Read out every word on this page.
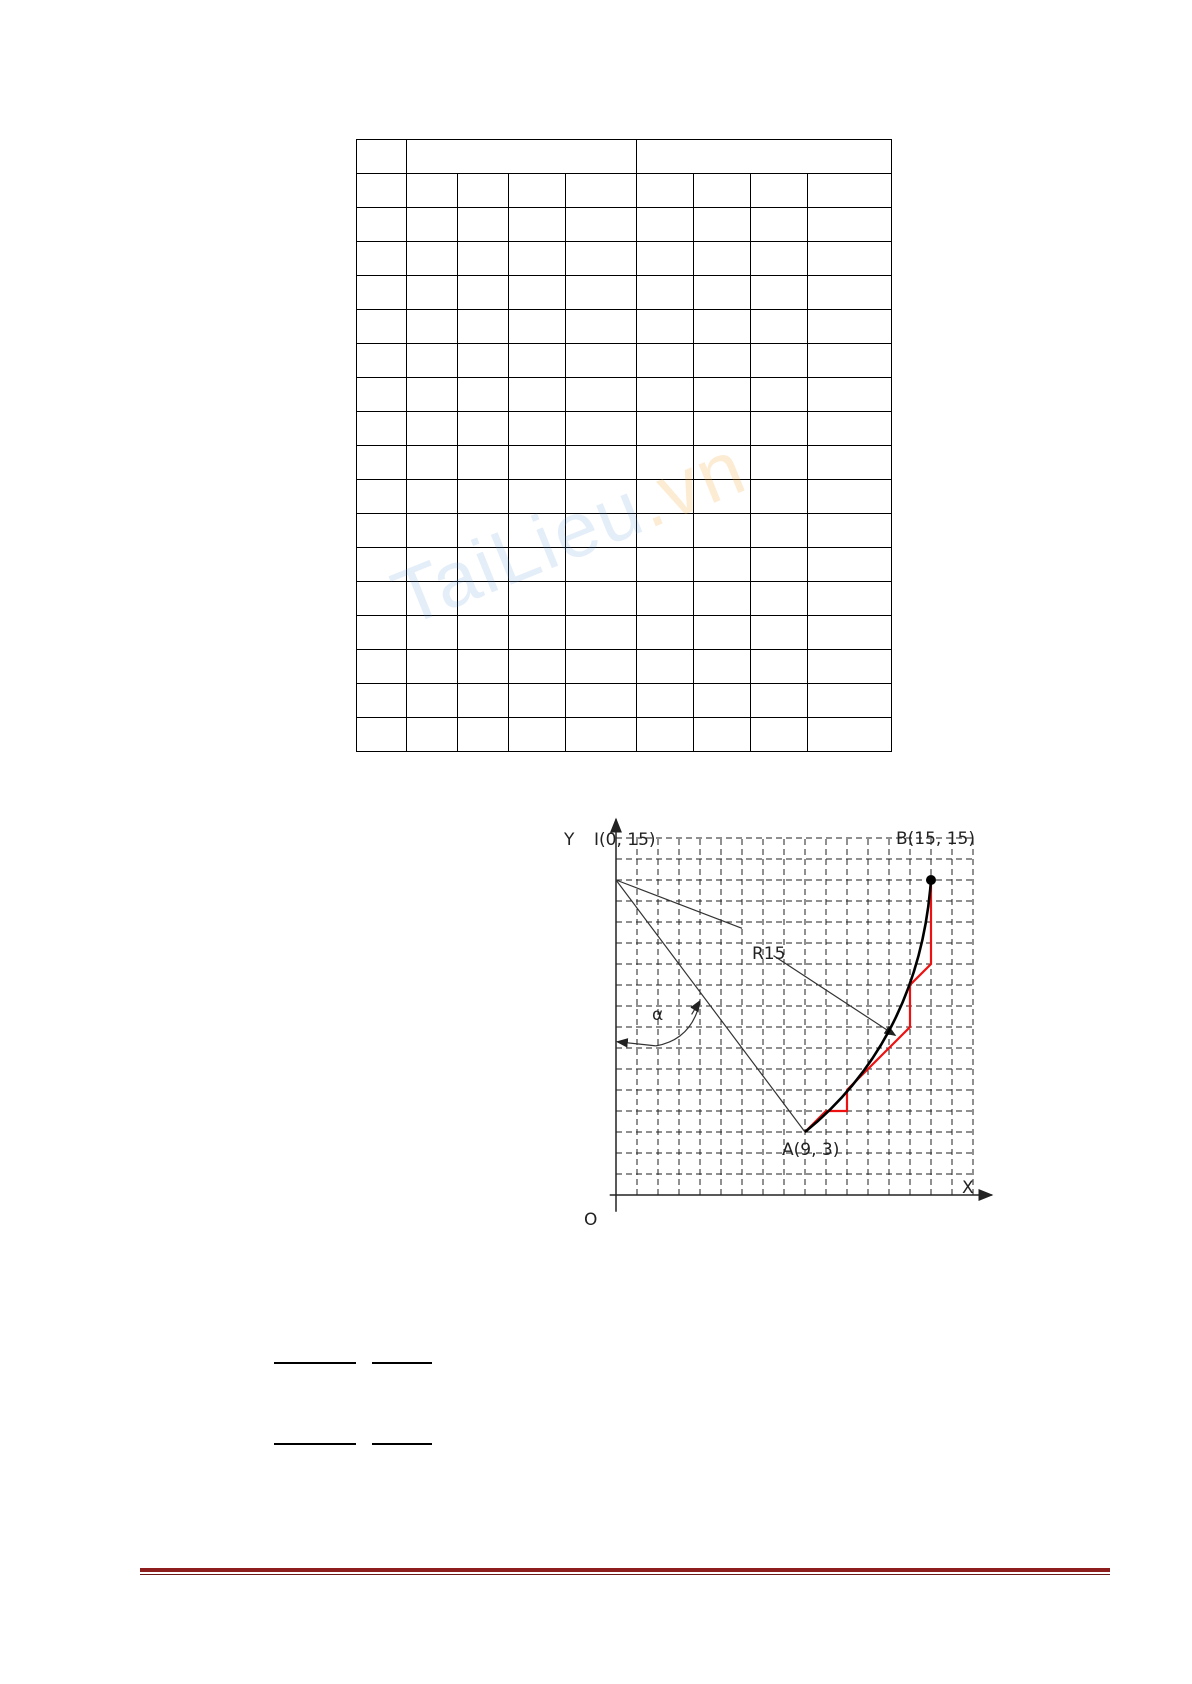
TaiLieu.vn
Y
X
O
I(0, 15)	B(15, 15)
A(9, 3)
R15
α
